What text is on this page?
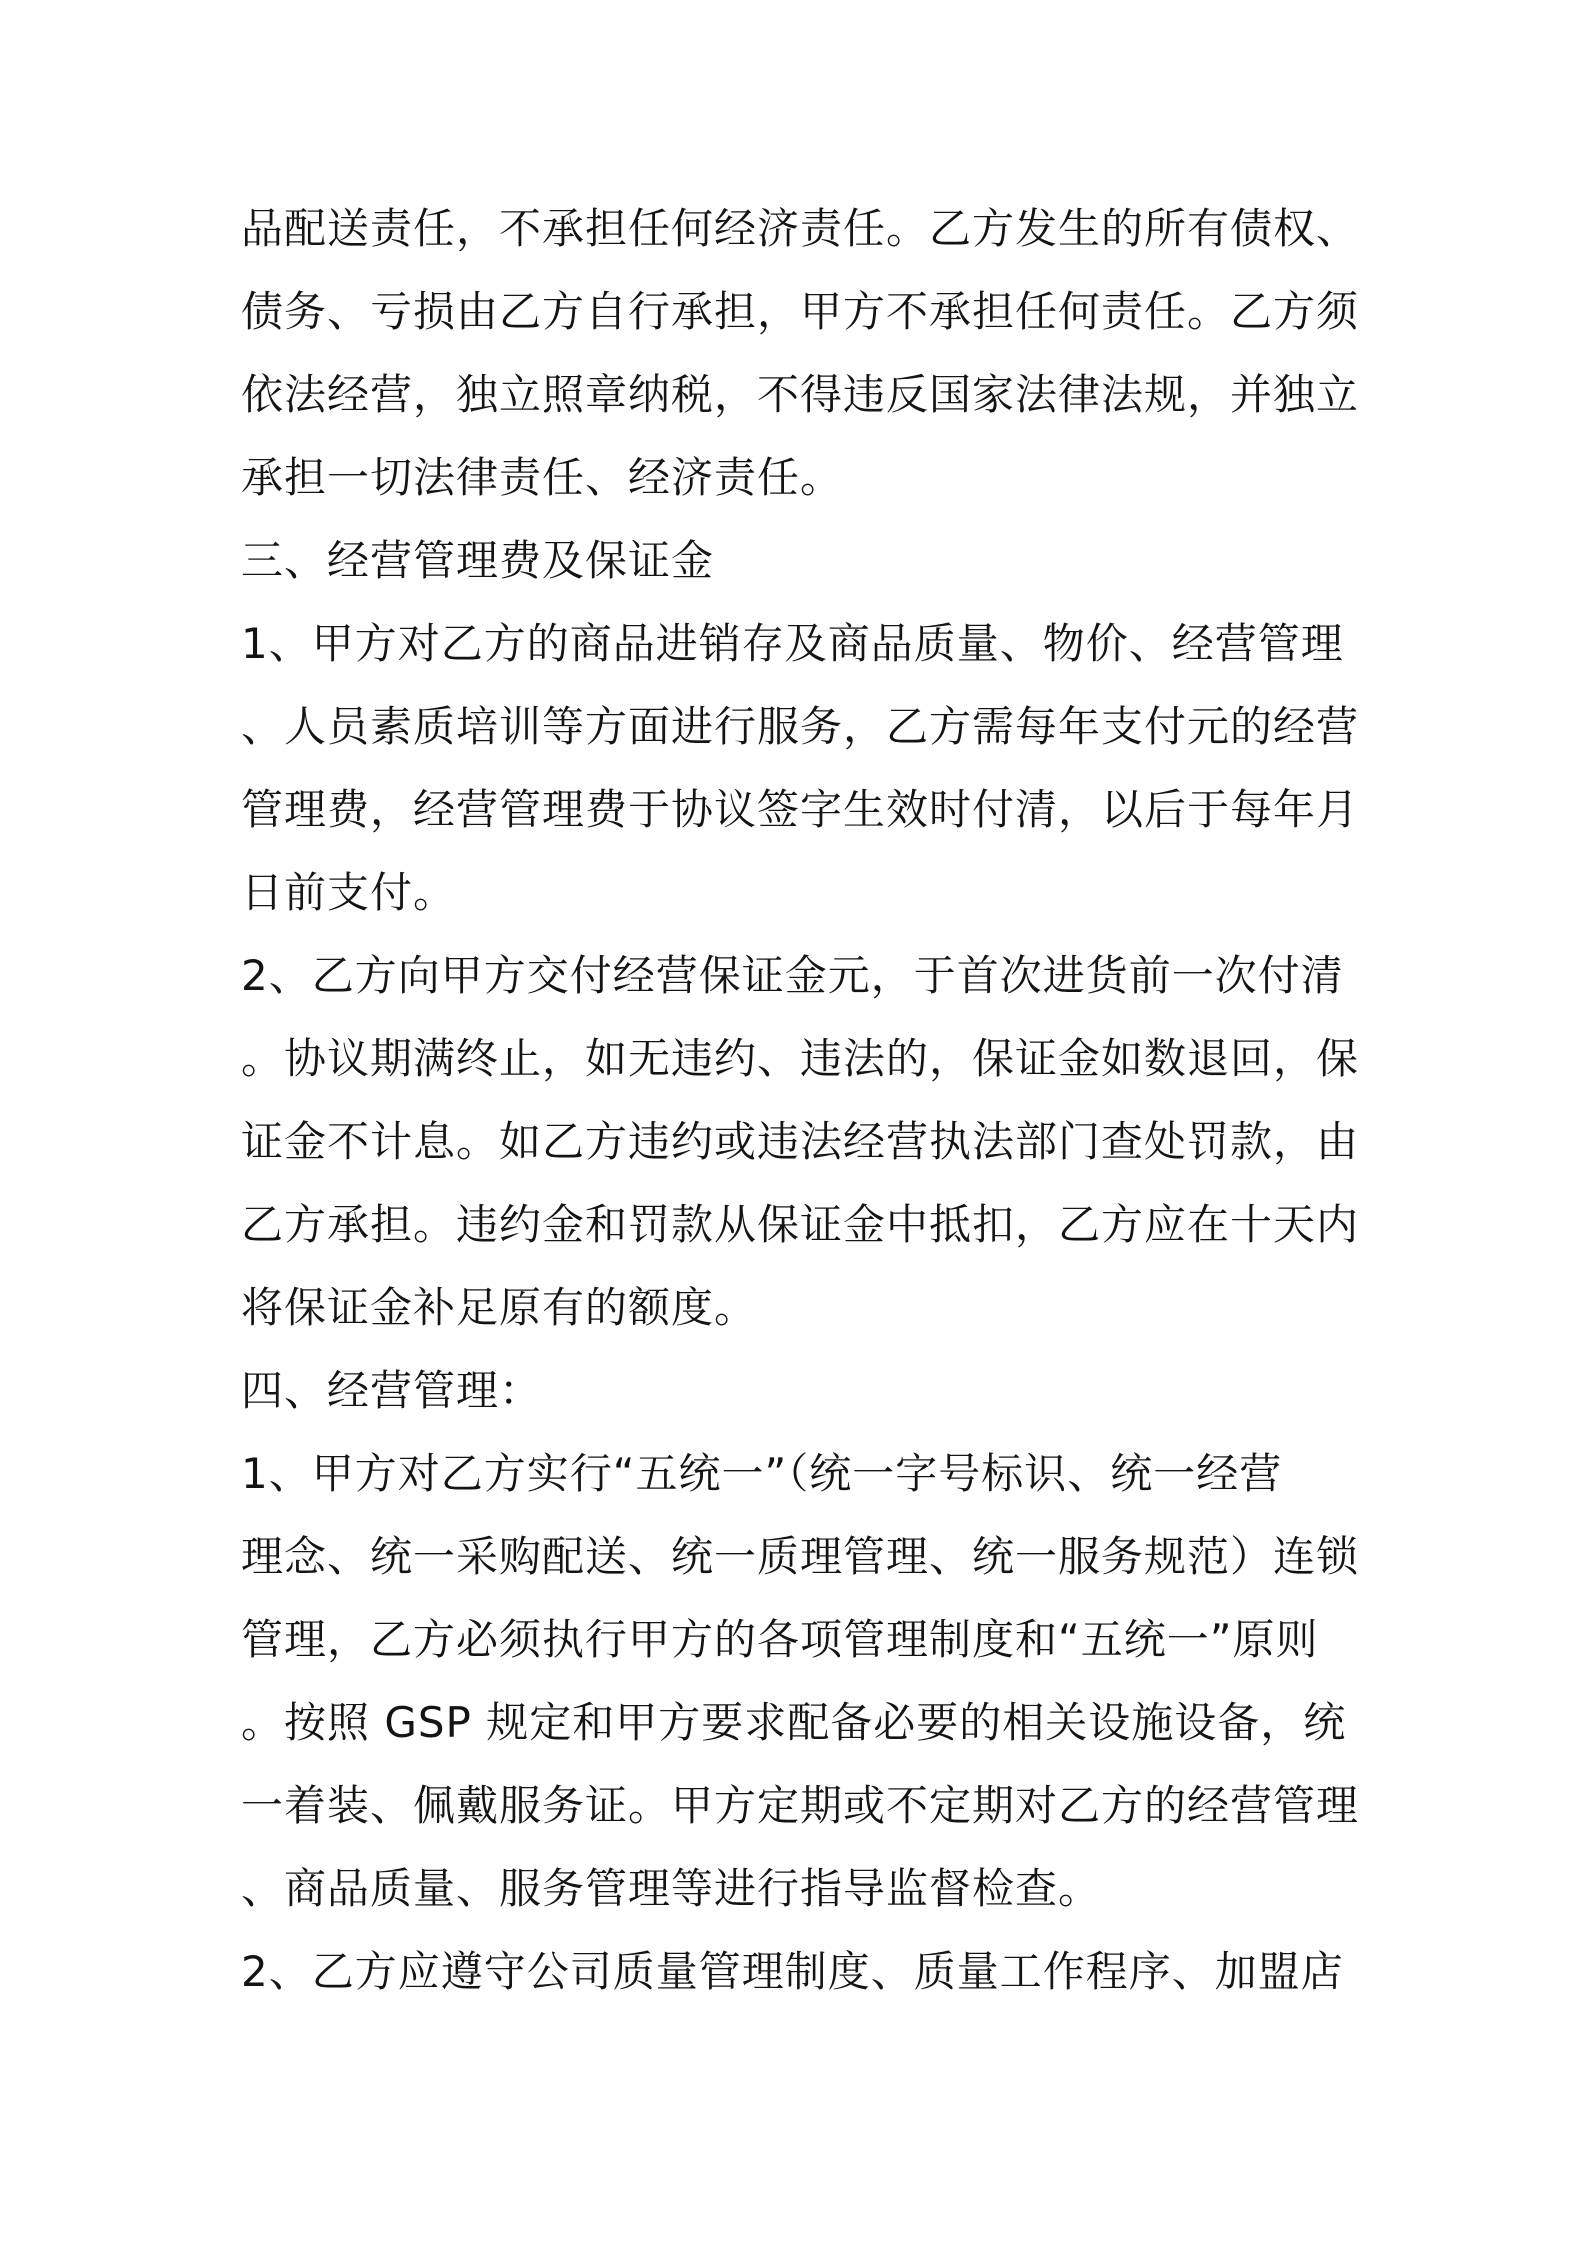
品配送责任，不承担任何经济责任。乙方发生的所有债权、
债务、亏损由乙方自行承担，甲方不承担任何责任。乙方须
依法经营，独立照章纳税，不得违反国家法律法规，并独立
承担一切法律责任、经济责任。
三、经营管理费及保证金
1、甲方对乙方的商品进销存及商品质量、物价、经营管理
、人员素质培训等方面进行服务，乙方需每年支付元的经营
管理费，经营管理费于协议签字生效时付清，以后于每年月
日前支付。
2、乙方向甲方交付经营保证金元，于首次进货前一次付清
。协议期满终止，如无违约、违法的，保证金如数退回，保
证金不计息。如乙方违约或违法经营执法部门查处罚款，由
乙方承担。违约金和罚款从保证金中抵扣，乙方应在十天内
将保证金补足原有的额度。
四、经营管理：
1、甲方对乙方实行“五统一”（统一字号标识、统一经营
理念、统一采购配送、统一质理管理、统一服务规范）连锁
管理，乙方必须执行甲方的各项管理制度和“五统一”原则
。按照 GSP 规定和甲方要求配备必要的相关设施设备，统
一着装、佩戴服务证。甲方定期或不定期对乙方的经营管理
、商品质量、服务管理等进行指导监督检查。
2、乙方应遵守公司质量管理制度、质量工作程序、加盟店
